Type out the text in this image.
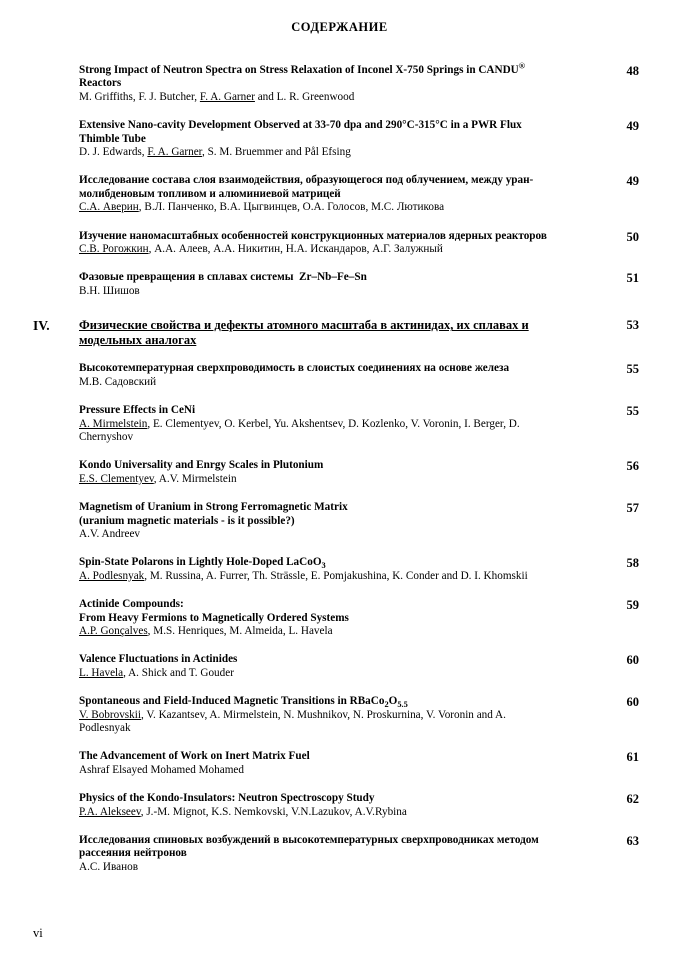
СОДЕРЖАНИЕ
Strong Impact of Neutron Spectra on Stress Relaxation of Inconel X-750 Springs in CANDU® Reactors
M. Griffiths, F. J. Butcher, F. A. Garner and L. R. Greenwood
48
Extensive Nano-cavity Development Observed at 33-70 dpa and 290°C-315°C in a PWR Flux Thimble Tube
D. J. Edwards, F. A. Garner, S. M. Bruemmer and Pål Efsing
49
Исследование состава слоя взаимодействия, образующегося под облучением, между уран-молибденовым топливом и алюминиевой матрицей
С.А. Аверин, В.Л. Панченко, В.А. Цыгвинцев, О.А. Голосов, М.С. Лютикова
49
Изучение наномасштабных особенностей конструкционных материалов ядерных реакторов
С.В. Рогожкин, А.А. Алеев, А.А. Никитин, Н.А. Искандаров, А.Г. Залужный
50
Фазовые превращения в сплавах системы  Zr–Nb–Fe–Sn
В.Н. Шишов
51
IV. Физические свойства и дефекты атомного масштаба в актинидах, их сплавах и модельных аналогах
53
Высокотемпературная сверхпроводимость в слоистых соединениях на основе железа
М.В. Садовский
55
Pressure Effects in CeNi
A. Mirmelstein, E. Clementyev, O. Kerbel, Yu. Akshentsev, D. Kozlenko, V. Voronin, I. Berger, D. Chernyshov
55
Kondo Universality and Enrgy Scales in Plutonium
E.S. Clementyev, A.V. Mirmelstein
56
Magnetism of Uranium in Strong Ferromagnetic Matrix
(uranium magnetic materials - is it possible?)
A.V. Andreev
57
Spin-State Polarons in Lightly Hole-Doped LaCoO$_3$
A. Podlesnyak, M. Russina, A. Furrer, Th. Strässle, E. Pomjakushina, K. Conder and D. I. Khomskii
58
Actinide Compounds:
From Heavy Fermions to Magnetically Ordered Systems
A.P. Gonçalves, M.S. Henriques, M. Almeida, L. Havela
59
Valence Fluctuations in Actinides
L. Havela, A. Shick and T. Gouder
60
Spontaneous and Field-Induced Magnetic Transitions in $RBaCo_2O_{5.5}$
V. Bobrovskii, V. Kazantsev, A. Mirmelstein, N. Mushnikov, N. Proskurnina, V. Voronin and A. Podlesnyak
60
The Advancement of Work on Inert Matrix Fuel
Ashraf Elsayed Mohamed Mohamed
61
Physics of the Kondo-Insulators: Neutron Spectroscopy Study
P.A. Alekseev, J.-M. Mignot, K.S. Nemkovski, V.N.Lazukov, A.V.Rybina
62
Исследования спиновых возбуждений в высокотемпературных сверхпроводниках методом рассеяния нейтронов
А.С. Иванов
63
vi
